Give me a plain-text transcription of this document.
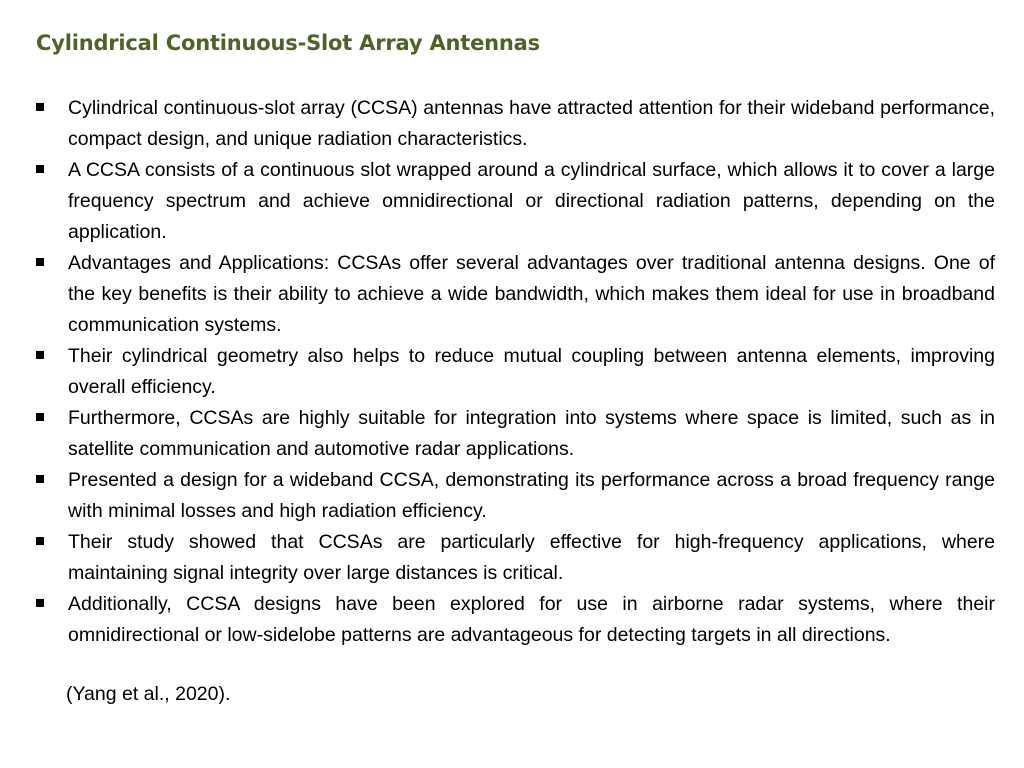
Cylindrical Continuous-Slot Array Antennas
Cylindrical continuous-slot array (CCSA) antennas have attracted attention for their wideband performance, compact design, and unique radiation characteristics.
A CCSA consists of a continuous slot wrapped around a cylindrical surface, which allows it to cover a large frequency spectrum and achieve omnidirectional or directional radiation patterns, depending on the application.
Advantages and Applications: CCSAs offer several advantages over traditional antenna designs. One of the key benefits is their ability to achieve a wide bandwidth, which makes them ideal for use in broadband communication systems.
Their cylindrical geometry also helps to reduce mutual coupling between antenna elements, improving overall efficiency.
Furthermore, CCSAs are highly suitable for integration into systems where space is limited, such as in satellite communication and automotive radar applications.
Presented a design for a wideband CCSA, demonstrating its performance across a broad frequency range with minimal losses and high radiation efficiency.
Their study showed that CCSAs are particularly effective for high-frequency applications, where maintaining signal integrity over large distances is critical.
Additionally, CCSA designs have been explored for use in airborne radar systems, where their omnidirectional or low-sidelobe patterns are advantageous for detecting targets in all directions.
(Yang et al., 2020).
